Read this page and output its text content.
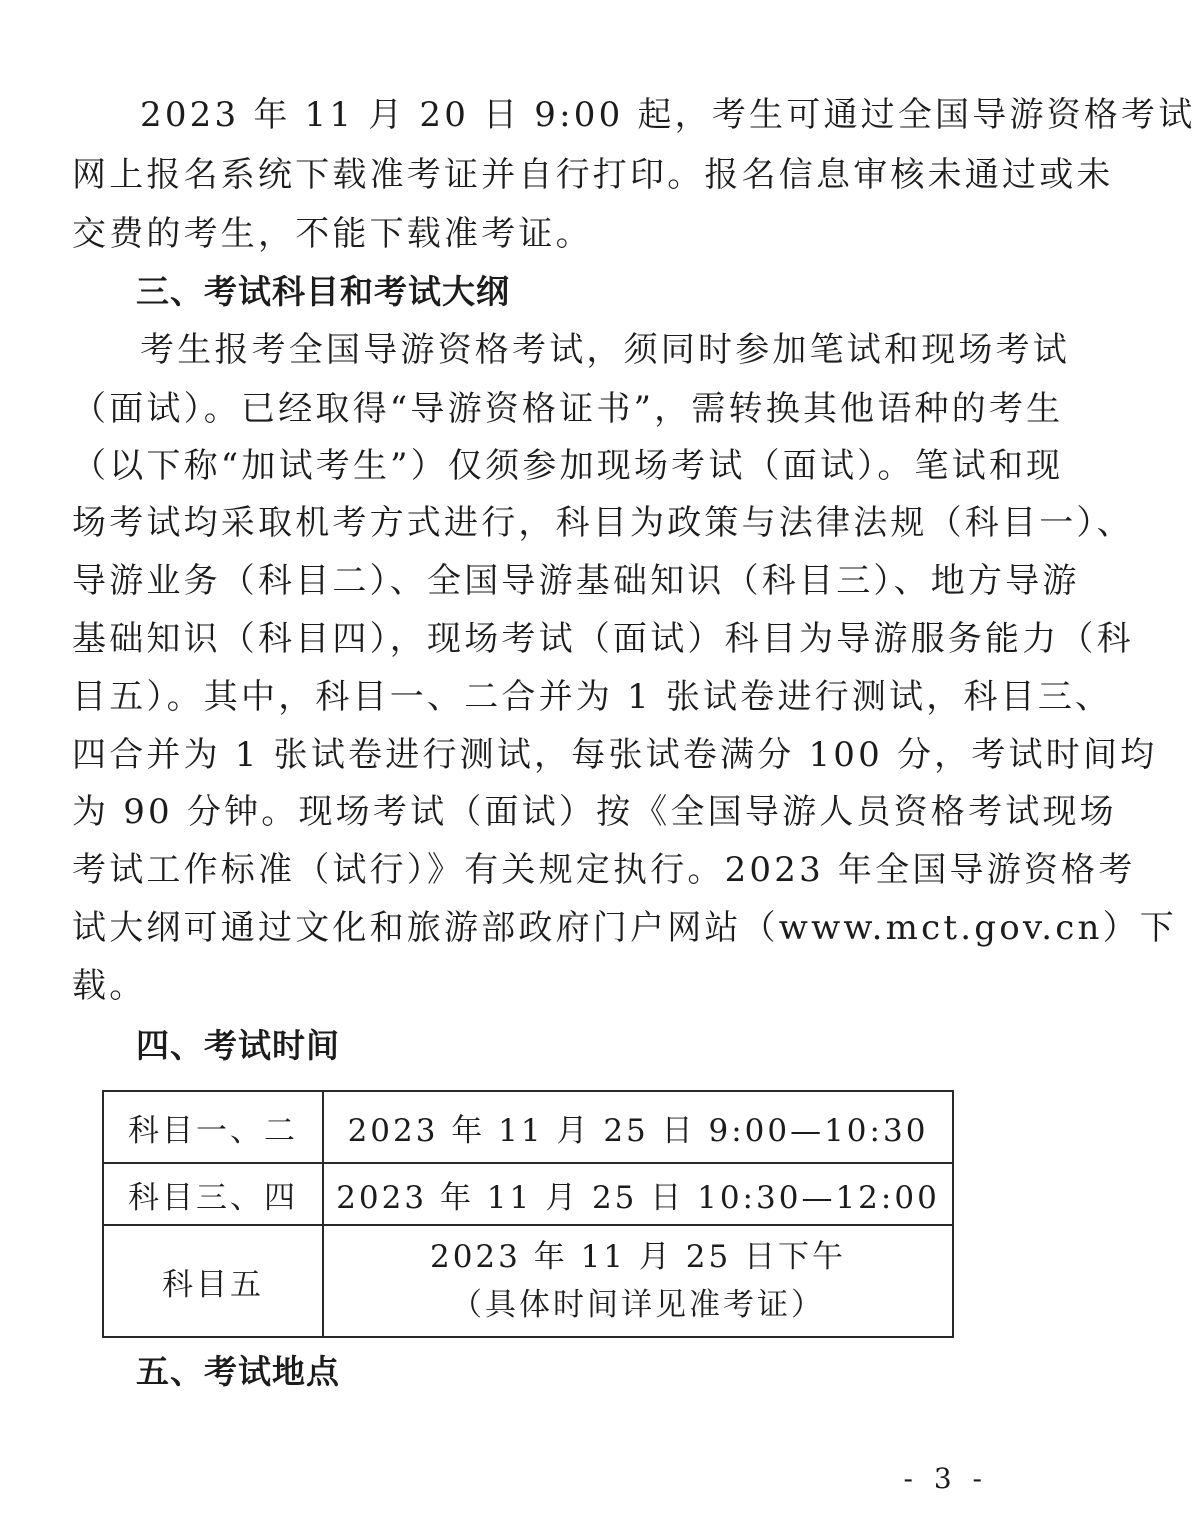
2023 年 11 月 20 日 9:00 起，考生可通过全国导游资格考试
网上报名系统下载准考证并自行打印。报名信息审核未通过或未
交费的考生，不能下载准考证。
三、考试科目和考试大纲
考生报考全国导游资格考试，须同时参加笔试和现场考试
（面试）。已经取得“导游资格证书”，需转换其他语种的考生
（以下称“加试考生”）仅须参加现场考试（面试）。笔试和现
场考试均采取机考方式进行，科目为政策与法律法规（科目一）、
导游业务（科目二）、全国导游基础知识（科目三）、地方导游
基础知识（科目四），现场考试（面试）科目为导游服务能力（科
目五）。其中，科目一、二合并为 1 张试卷进行测试，科目三、
四合并为 1 张试卷进行测试，每张试卷满分 100 分，考试时间均
为 90 分钟。现场考试（面试）按《全国导游人员资格考试现场
考试工作标准（试行）》有关规定执行。2023 年全国导游资格考
试大纲可通过文化和旅游部政府门户网站（www.mct.gov.cn）下
载。
四、考试时间
科目一、二	2023 年 11 月 25 日 9:00—10:30
科目三、四	2023 年 11 月 25 日 10:30—12:00
科目五	2023 年 11 月 25 日下午
（具体时间详见准考证）
五、考试地点
- 3 -
